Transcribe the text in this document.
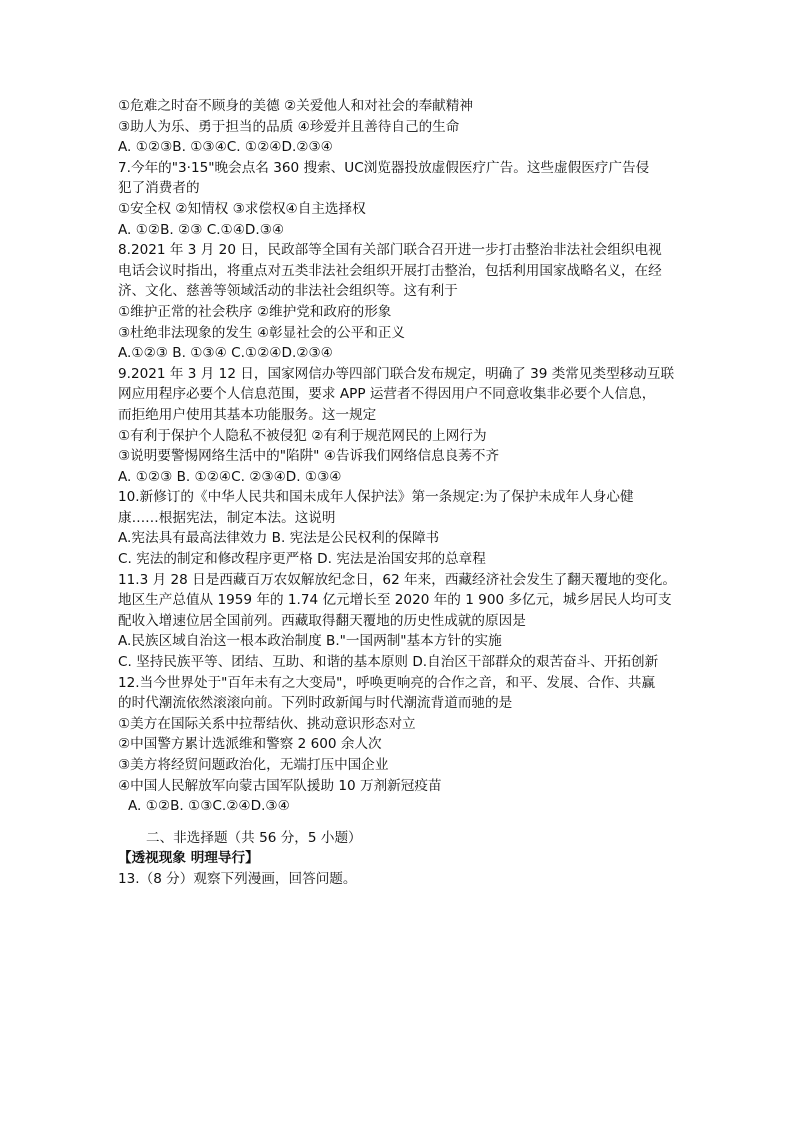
①危难之时奋不顾身的美德 ②关爱他人和对社会的奉献精神
③助人为乐、勇于担当的品质 ④珍爱并且善待自己的生命
A. ①②③B. ①③④C. ①②④D.②③④
7.今年的"3·15"晚会点名 360 搜索、UC浏览器投放虚假医疗广告。这些虚假医疗广告侵
犯了消费者的
①安全权 ②知情权 ③求偿权④自主选择权
A. ①②B. ②③ C.①④D.③④
8.2021 年 3 月 20 日，民政部等全国有关部门联合召开进一步打击整治非法社会组织电视
电话会议时指出，将重点对五类非法社会组织开展打击整治，包括利用国家战略名义，在经
济、文化、慈善等领域活动的非法社会组织等。这有利于
①维护正常的社会秩序 ②维护党和政府的形象
③杜绝非法现象的发生 ④彰显社会的公平和正义
A.①②③ B. ①③④ C.①②④D.②③④
9.2021 年 3 月 12 日，国家网信办等四部门联合发布规定，明确了 39 类常见类型移动互联
网应用程序必要个人信息范围，要求 APP 运营者不得因用户不同意收集非必要个人信息，
而拒绝用户使用其基本功能服务。这一规定
①有利于保护个人隐私不被侵犯 ②有利于规范网民的上网行为
③说明要警惕网络生活中的"陷阱" ④告诉我们网络信息良莠不齐
A. ①②③ B. ①②④C. ②③④D. ①③④
10.新修订的《中华人民共和国未成年人保护法》第一条规定:为了保护未成年人身心健
康……根据宪法，制定本法。这说明
A.宪法具有最高法律效力 B. 宪法是公民权利的保障书
C. 宪法的制定和修改程序更严格 D. 宪法是治国安邦的总章程
11.3 月 28 日是西藏百万农奴解放纪念日，62 年来，西藏经济社会发生了翻天覆地的变化。
地区生产总值从 1959 年的 1.74 亿元增长至 2020 年的 1 900 多亿元，城乡居民人均可支
配收入增速位居全国前列。西藏取得翻天覆地的历史性成就的原因是
A.民族区域自治这一根本政治制度 B."一国两制"基本方针的实施
C. 坚持民族平等、团结、互助、和谐的基本原则 D.自治区干部群众的艰苦奋斗、开拓创新
12.当今世界处于"百年未有之大变局"，呼唤更响亮的合作之音，和平、发展、合作、共赢
的时代潮流依然滚滚向前。下列时政新闻与时代潮流背道而驰的是
①美方在国际关系中拉帮结伙、挑动意识形态对立
②中国警方累计选派维和警察 2 600 余人次
③美方将经贸问题政治化，无端打压中国企业
④中国人民解放军向蒙古国军队援助 10 万剂新冠疫苗
A. ①②B. ①③C.②④D.③④
二、非选择题（共 56 分，5 小题）
【透视现象 明理导行】
13.（8 分）观察下列漫画，回答问题。
